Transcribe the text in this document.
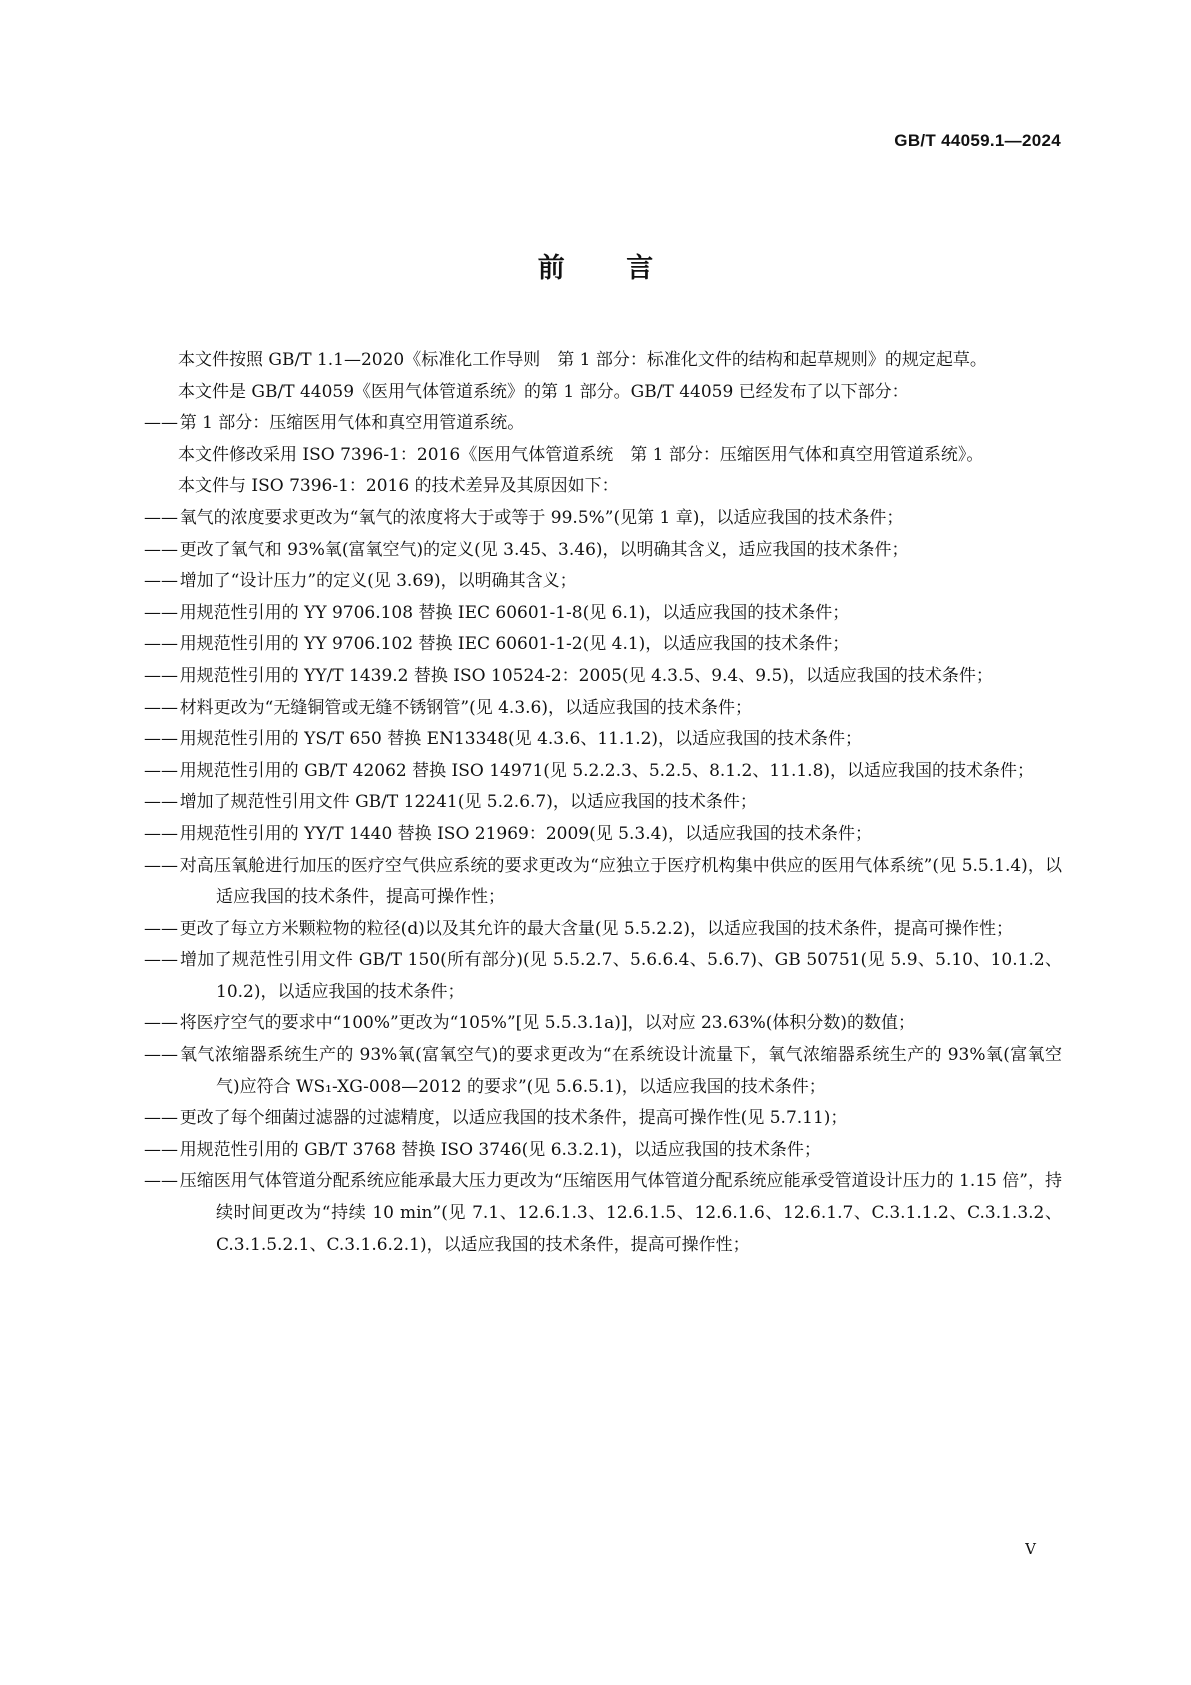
GB/T 44059.1—2024
前 言

本文件按照 GB/T 1.1—2020《标准化工作导则　第 1 部分：标准化文件的结构和起草规则》的规定起草。

本文件是 GB/T 44059《医用气体管道系统》的第 1 部分。GB/T 44059 已经发布了以下部分：

——第 1 部分：压缩医用气体和真空用管道系统。

本文件修改采用 ISO 7396-1：2016《医用气体管道系统　第 1 部分：压缩医用气体和真空用管道系统》。

本文件与 ISO 7396-1：2016 的技术差异及其原因如下：

——氧气的浓度要求更改为“氧气的浓度将大于或等于 99.5%”(见第 1 章)，以适应我国的技术条件；
——更改了氧气和 93%氧(富氧空气)的定义(见 3.45、3.46)，以明确其含义，适应我国的技术条件；
——增加了“设计压力”的定义(见 3.69)，以明确其含义；
——用规范性引用的 YY 9706.108 替换 IEC 60601-1-8(见 6.1)，以适应我国的技术条件；
——用规范性引用的 YY 9706.102 替换 IEC 60601-1-2(见 4.1)，以适应我国的技术条件；
——用规范性引用的 YY/T 1439.2 替换 ISO 10524-2：2005(见 4.3.5、9.4、9.5)，以适应我国的技术条件；
——材料更改为“无缝铜管或无缝不锈钢管”(见 4.3.6)，以适应我国的技术条件；
——用规范性引用的 YS/T 650 替换 EN13348(见 4.3.6、11.1.2)，以适应我国的技术条件；
——用规范性引用的 GB/T 42062 替换 ISO 14971(见 5.2.2.3、5.2.5、8.1.2、11.1.8)，以适应我国的技术条件；
——增加了规范性引用文件 GB/T 12241(见 5.2.6.7)，以适应我国的技术条件；
——用规范性引用的 YY/T 1440 替换 ISO 21969：2009(见 5.3.4)，以适应我国的技术条件；
——对高压氧舱进行加压的医疗空气供应系统的要求更改为“应独立于医疗机构集中供应的医用气体系统”(见 5.5.1.4)，以适应我国的技术条件，提高可操作性；
——更改了每立方米颗粒物的粒径(d)以及其允许的最大含量(见 5.5.2.2)，以适应我国的技术条件，提高可操作性；
——增加了规范性引用文件 GB/T 150(所有部分)(见 5.5.2.7、5.6.6.4、5.6.7)、GB 50751(见 5.9、5.10、10.1.2、10.2)，以适应我国的技术条件；
——将医疗空气的要求中“100%”更改为“105%”[见 5.5.3.1a)]，以对应 23.63%(体积分数)的数值；
——氧气浓缩器系统生产的 93%氧(富氧空气)的要求更改为“在系统设计流量下，氧气浓缩器系统生产的 93%氧(富氧空气)应符合 WS₁-XG-008—2012 的要求”(见 5.6.5.1)，以适应我国的技术条件；
——更改了每个细菌过滤器的过滤精度，以适应我国的技术条件，提高可操作性(见 5.7.11)；
——用规范性引用的 GB/T 3768 替换 ISO 3746(见 6.3.2.1)，以适应我国的技术条件；
——压缩医用气体管道分配系统应能承最大压力更改为“压缩医用气体管道分配系统应能承受管道设计压力的 1.15 倍”，持续时间更改为“持续 10 min”(见 7.1、12.6.1.3、12.6.1.5、12.6.1.6、12.6.1.7、C.3.1.1.2、C.3.1.3.2、C.3.1.5.2.1、C.3.1.6.2.1)，以适应我国的技术条件，提高可操作性；
V
